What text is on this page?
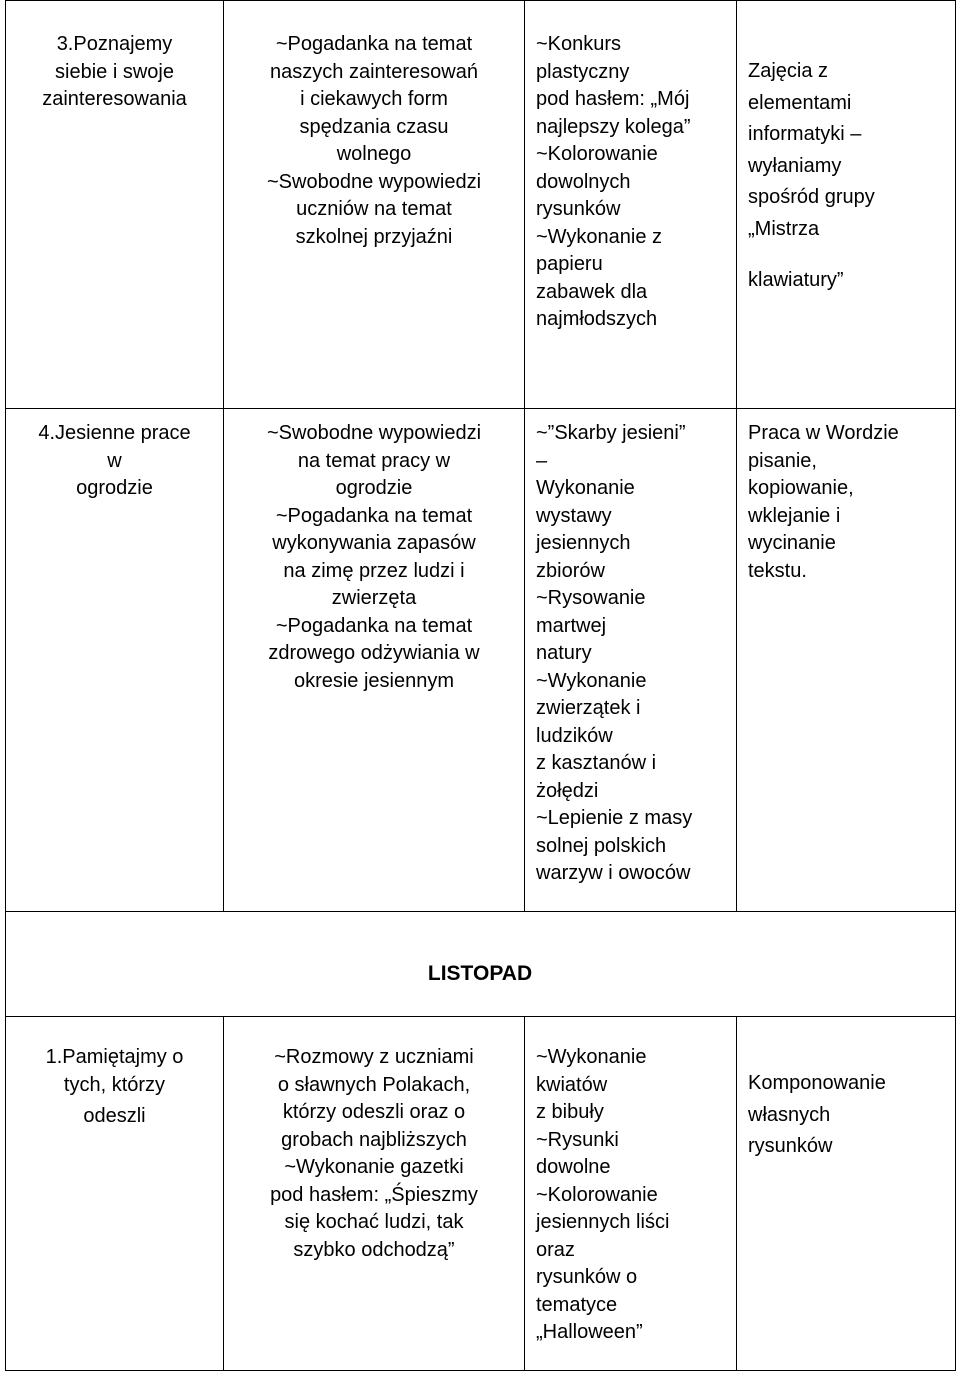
3.Poznajemy
siebie i swoje
zainteresowania
~Pogadanka na temat
naszych zainteresowań
i ciekawych form
spędzania czasu
wolnego
~Swobodne wypowiedzi
uczniów na temat
szkolnej przyjaźni
~Konkurs
plastyczny
pod hasłem: „Mój
najlepszy kolega”
~Kolorowanie
dowolnych
rysunków
~Wykonanie z
papieru
zabawek dla
najmłodszych
Zajęcia z
elementami
informatyki –
wyłaniamy
spośród grupy
„Mistrza
klawiatury”
4.Jesienne prace
w
ogrodzie
~Swobodne wypowiedzi
na temat pracy w
ogrodzie
~Pogadanka na temat
wykonywania zapasów
na zimę przez ludzi i
zwierzęta
~Pogadanka na temat
zdrowego odżywiania w
okresie jesiennym
~”Skarby jesieni”
–
Wykonanie
wystawy
jesiennych
zbiorów
~Rysowanie
martwej
natury
~Wykonanie
zwierzątek i
ludzików
z kasztanów i
żołędzi
~Lepienie z masy
solnej polskich
warzyw i owoców
Praca w Wordzie
pisanie,
kopiowanie,
wklejanie i
wycinanie
tekstu.
LISTOPAD
1.Pamiętajmy o
tych, którzy
odeszli
~Rozmowy z uczniami
o sławnych Polakach,
którzy odeszli oraz o
grobach najbliższych
~Wykonanie gazetki
pod hasłem: „Śpieszmy
się kochać ludzi, tak
szybko odchodzą”
~Wykonanie
kwiatów
z bibuły
~Rysunki
dowolne
~Kolorowanie
jesiennych liści
oraz
rysunków o
tematyce
„Halloween”
Komponowanie
własnych
rysunków
